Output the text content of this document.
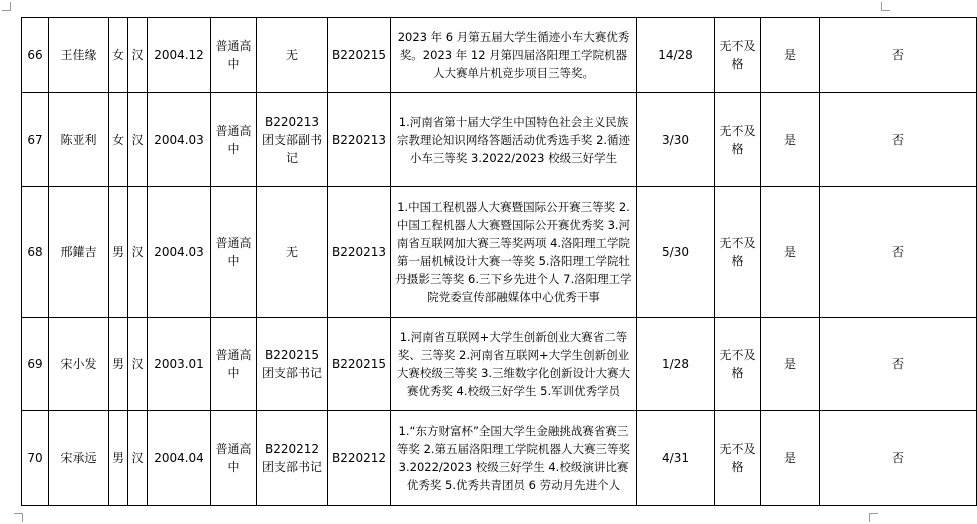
66	王佳缘	女	汉	2004.12	普通高中	无	B220215	2023 年 6 月第五届大学生循迹小车大赛优秀奖。2023 年 12 月第四届洛阳理工学院机器人大赛单片机竞步项目三等奖。	14/28	无不及格	是	否
67	陈亚利	女	汉	2004.03	普通高中	B220213 团支部副书记	B220213	1.河南省第十届大学生中国特色社会主义民族宗教理论知识网络答题活动优秀选手奖 2.循迹小车三等奖 3.2022/2023 校级三好学生	3/30	无不及格	是	否
68	邢鑵吉	男	汉	2004.03	普通高中	无	B220213	1.中国工程机器人大赛暨国际公开赛三等奖 2.中国工程机器人大赛暨国际公开赛优秀奖 3.河南省互联网加大赛三等奖两项 4.洛阳理工学院第一届机械设计大赛一等奖 5.洛阳理工学院牡丹摄影三等奖 6.三下乡先进个人 7.洛阳理工学院党委宣传部融媒体中心优秀干事	5/30	无不及格	是	否
69	宋小发	男	汉	2003.01	普通高中	B220215 团支部书记	B220215	1.河南省互联网+大学生创新创业大赛省二等奖、三等奖 2.河南省互联网+大学生创新创业大赛校级三等奖 3.三维数字化创新设计大赛大赛优秀奖 4.校级三好学生 5.军训优秀学员	1/28	无不及格	是	否
70	宋承远	男	汉	2004.04	普通高中	B220212 团支部书记	B220212	1.“东方财富杯”全国大学生金融挑战赛省赛三等奖 2.第五届洛阳理工学院机器人大赛三等奖 3.2022/2023 校级三好学生 4.校级演讲比赛优秀奖 5.优秀共青团员 6 劳动月先进个人	4/31	无不及格	是	否
